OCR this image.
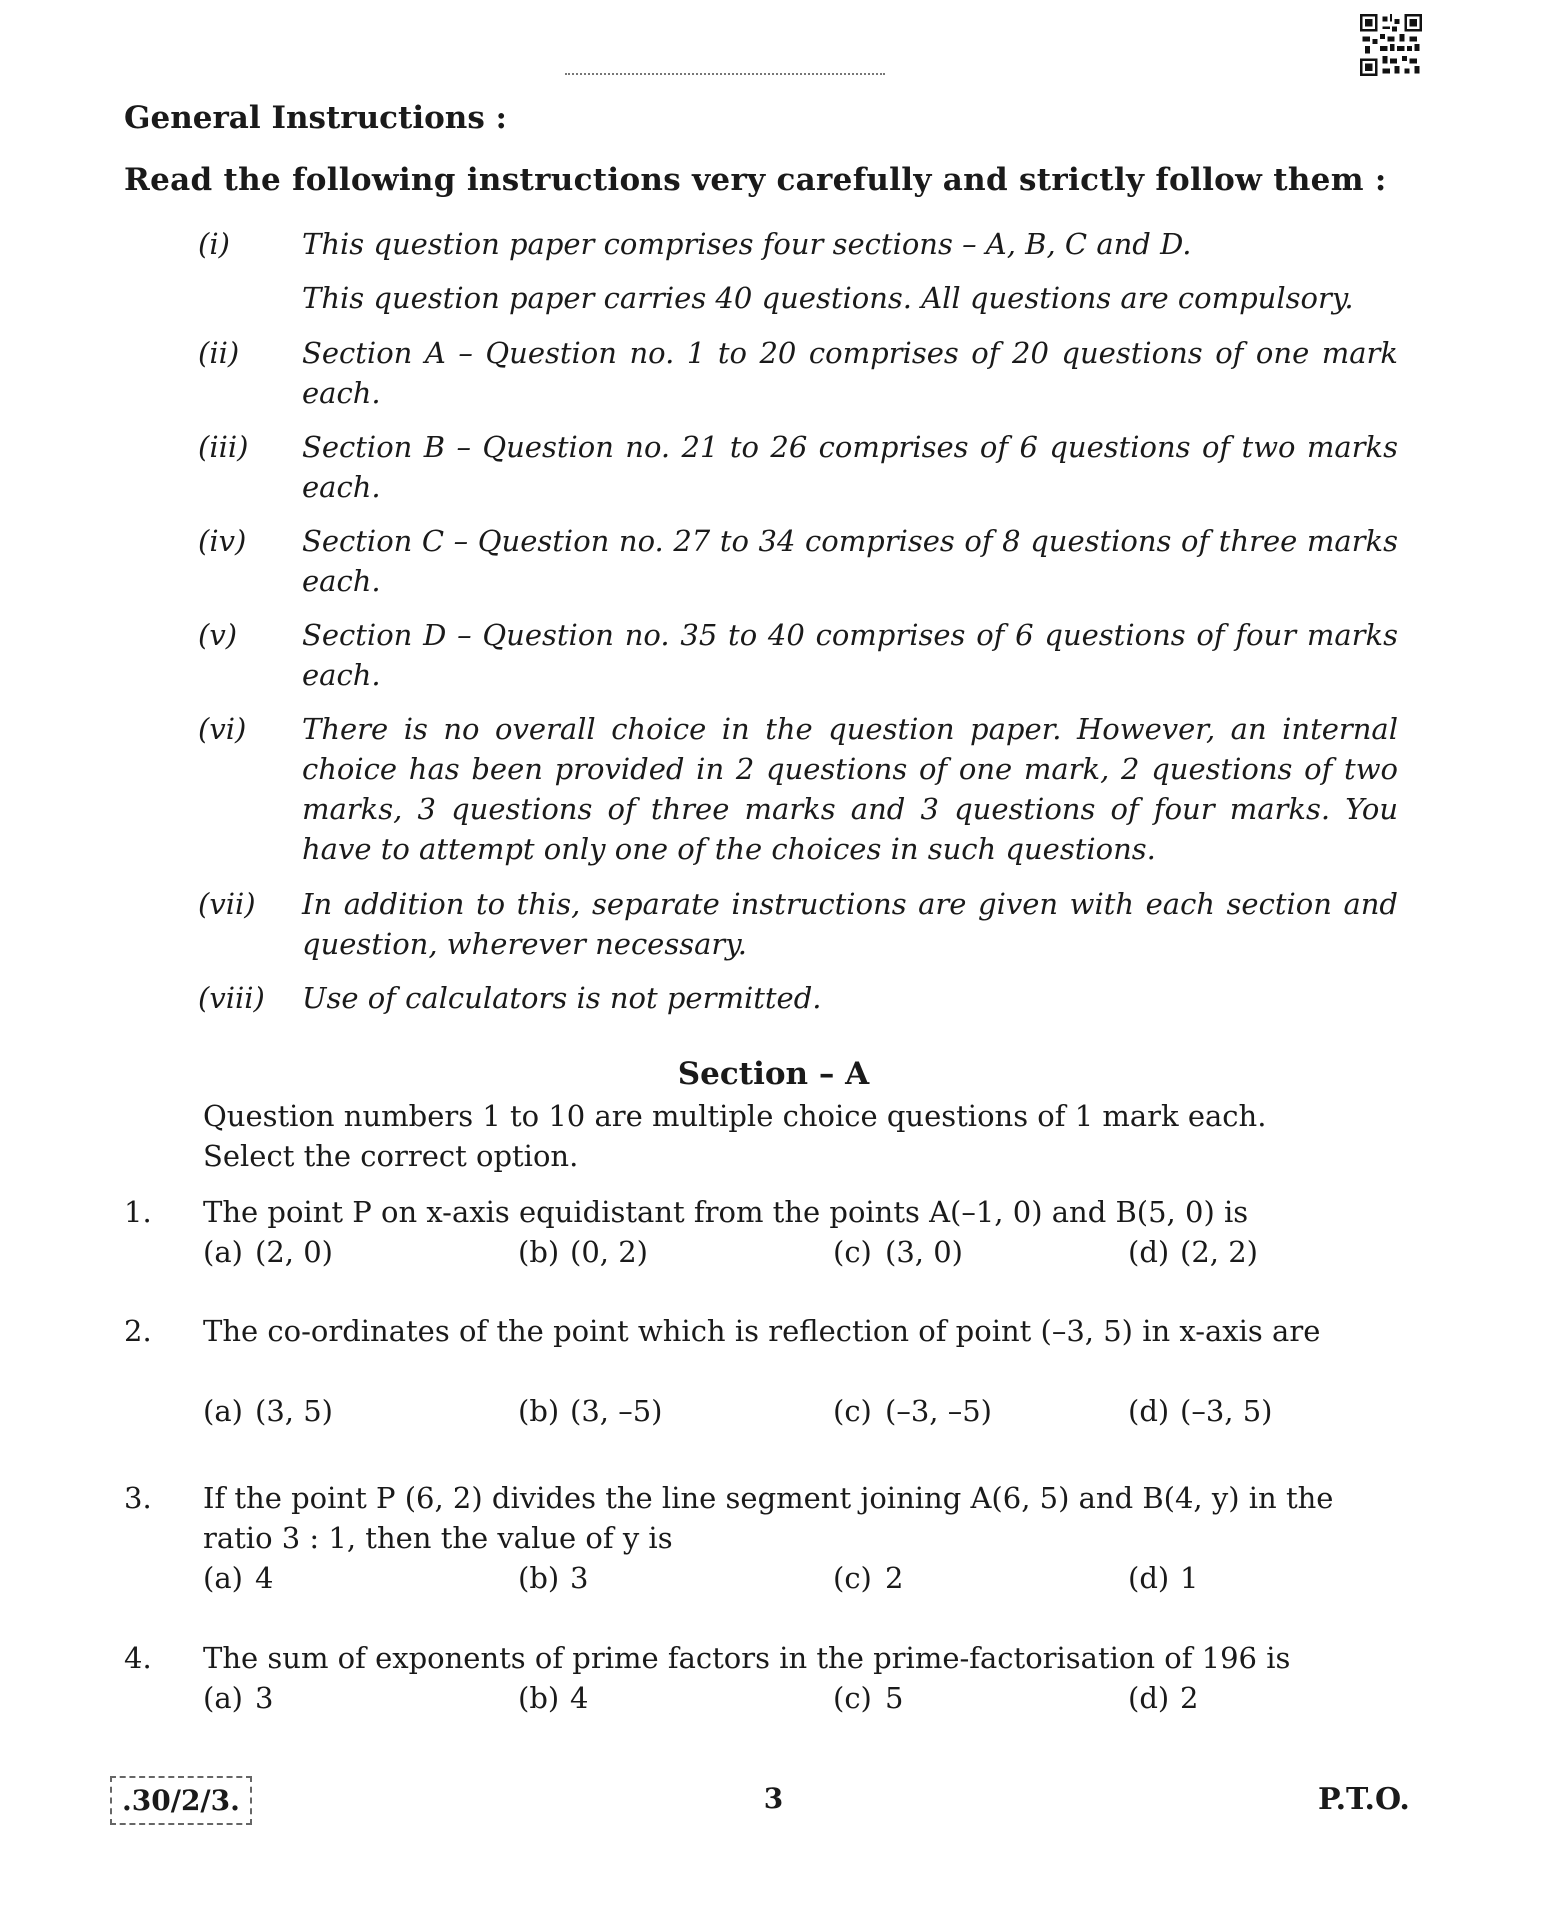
General Instructions :
Read the following instructions very carefully and strictly follow them :
(i) This question paper comprises four sections – A, B, C and D.
This question paper carries 40 questions. All questions are compulsory.
(ii) Section A – Question no. 1 to 20 comprises of 20 questions of one mark each.
(iii) Section B – Question no. 21 to 26 comprises of 6 questions of two marks each.
(iv) Section C – Question no. 27 to 34 comprises of 8 questions of three marks each.
(v) Section D – Question no. 35 to 40 comprises of 6 questions of four marks each.
(vi) There is no overall choice in the question paper. However, an internal choice has been provided in 2 questions of one mark, 2 questions of two marks, 3 questions of three marks and 3 questions of four marks. You have to attempt only one of the choices in such questions.
(vii) In addition to this, separate instructions are given with each section and question, wherever necessary.
(viii) Use of calculators is not permitted.
Section – A
Question numbers 1 to 10 are multiple choice questions of 1 mark each. Select the correct option.
1. The point P on x-axis equidistant from the points A(–1, 0) and B(5, 0) is
(a) (2, 0)	(b) (0, 2)	(c) (3, 0)	(d) (2, 2)
2. The co-ordinates of the point which is reflection of point (–3, 5) in x-axis are
(a) (3, 5)	(b) (3, –5)	(c) (–3, –5)	(d) (–3, 5)
3. If the point P (6, 2) divides the line segment joining A(6, 5) and B(4, y) in the ratio 3 : 1, then the value of y is
(a) 4	(b) 3	(c) 2	(d) 1
4. The sum of exponents of prime factors in the prime-factorisation of 196 is
(a) 3	(b) 4	(c) 5	(d) 2
.30/2/3.	3	P.T.O.
